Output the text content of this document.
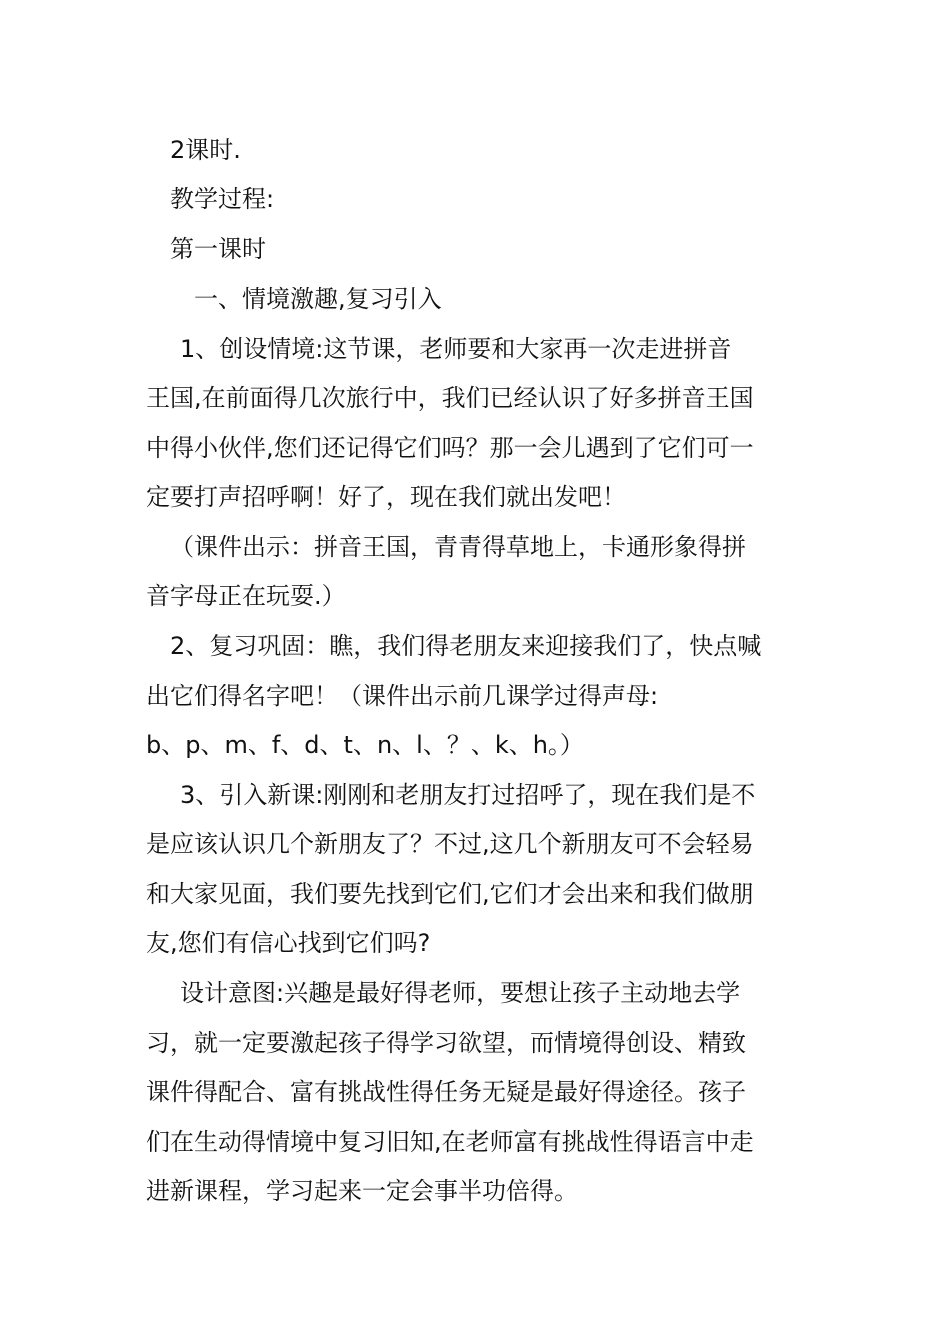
2课时.
教学过程:
第一课时
一、情境激趣,复习引入
1、创设情境:这节课，老师要和大家再一次走进拼音
王国,在前面得几次旅行中，我们已经认识了好多拼音王国
中得小伙伴,您们还记得它们吗？那一会儿遇到了它们可一
定要打声招呼啊！好了，现在我们就出发吧！
（课件出示：拼音王国，青青得草地上，卡通形象得拼
音字母正在玩耍.）
2、复习巩固：瞧，我们得老朋友来迎接我们了，快点喊
出它们得名字吧！（课件出示前几课学过得声母:
b、p、m、f、d、t、n、l、？、k、h。）
3、引入新课:刚刚和老朋友打过招呼了，现在我们是不
是应该认识几个新朋友了？不过,这几个新朋友可不会轻易
和大家见面，我们要先找到它们,它们才会出来和我们做朋
友,您们有信心找到它们吗?
设计意图:兴趣是最好得老师，要想让孩子主动地去学
习，就一定要激起孩子得学习欲望，而情境得创设、精致
课件得配合、富有挑战性得任务无疑是最好得途径。孩子
们在生动得情境中复习旧知,在老师富有挑战性得语言中走
进新课程，学习起来一定会事半功倍得。
